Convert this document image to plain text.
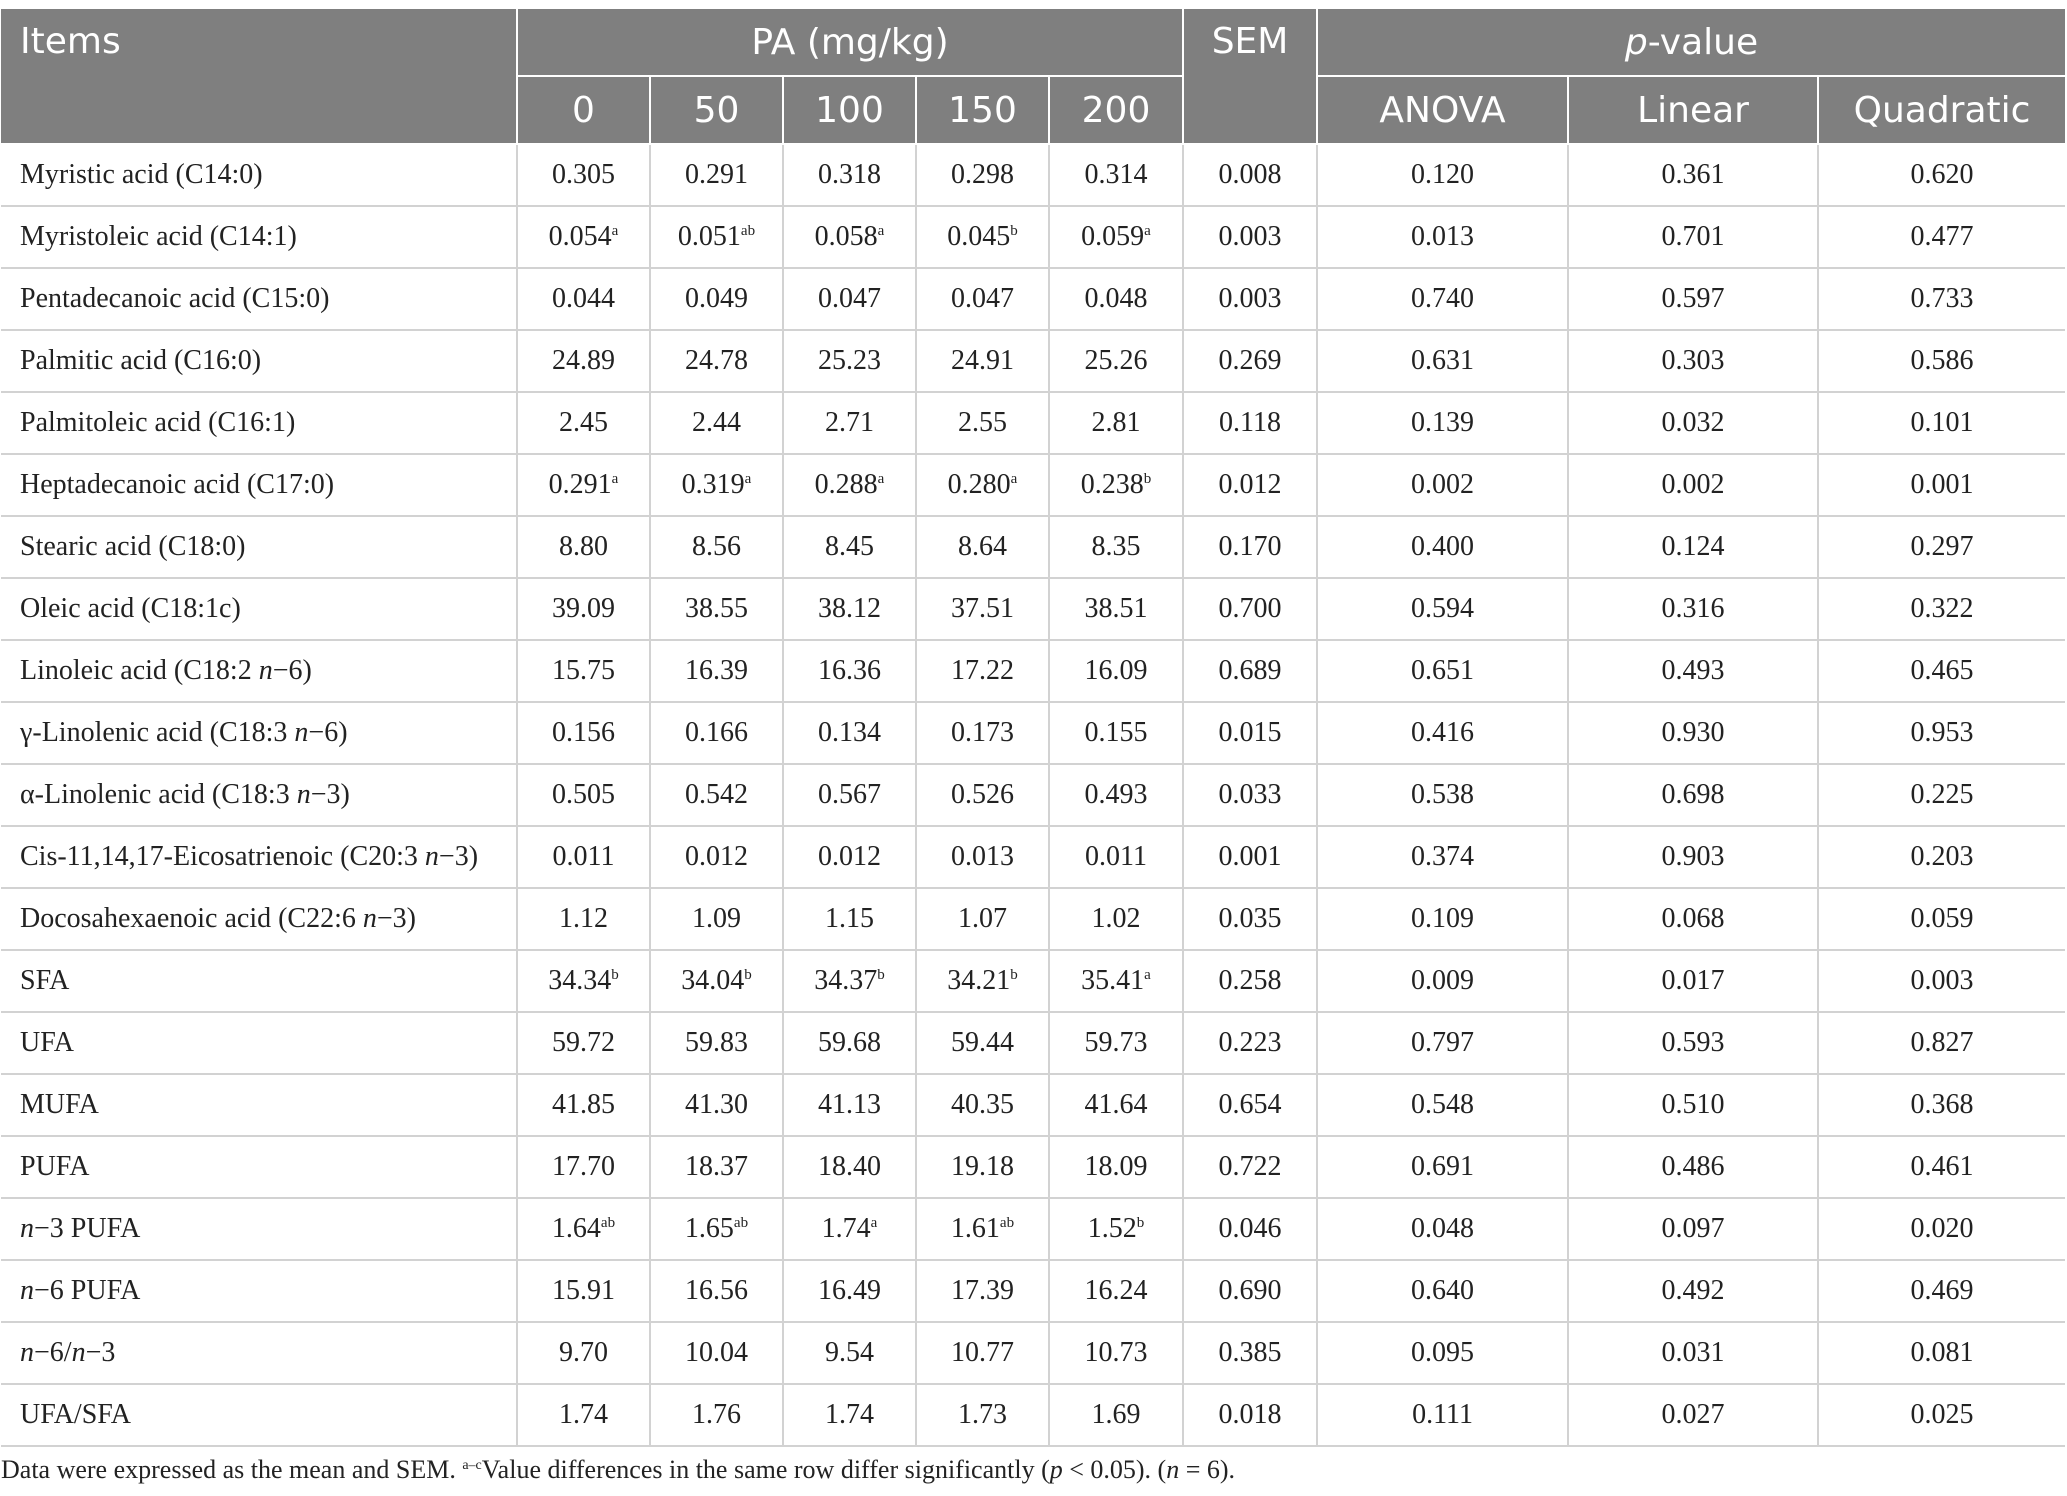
Items	PA (mg/kg)					SEM	p-value		
	0	50	100	150	200		ANOVA	Linear	Quadratic
Myristic acid (C14:0)	0.305	0.291	0.318	0.298	0.314	0.008	0.120	0.361	0.620
Myristoleic acid (C14:1)	0.054$^a$	0.051$^{ab}$	0.058$^a$	0.045$^b$	0.059$^a$	0.003	0.013	0.701	0.477
Pentadecanoic acid (C15:0)	0.044	0.049	0.047	0.047	0.048	0.003	0.740	0.597	0.733
Palmitic acid (C16:0)	24.89	24.78	25.23	24.91	25.26	0.269	0.631	0.303	0.586
Palmitoleic acid (C16:1)	2.45	2.44	2.71	2.55	2.81	0.118	0.139	0.032	0.101
Heptadecanoic acid (C17:0)	0.291$^a$	0.319$^a$	0.288$^a$	0.280$^a$	0.238$^b$	0.012	0.002	0.002	0.001
Stearic acid (C18:0)	8.80	8.56	8.45	8.64	8.35	0.170	0.400	0.124	0.297
Oleic acid (C18:1c)	39.09	38.55	38.12	37.51	38.51	0.700	0.594	0.316	0.322
Linoleic acid (C18:2 n−6)	15.75	16.39	16.36	17.22	16.09	0.689	0.651	0.493	0.465
γ-Linolenic acid (C18:3 n−6)	0.156	0.166	0.134	0.173	0.155	0.015	0.416	0.930	0.953
α-Linolenic acid (C18:3 n−3)	0.505	0.542	0.567	0.526	0.493	0.033	0.538	0.698	0.225
Cis-11,14,17-Eicosatrienoic (C20:3 n−3)	0.011	0.012	0.012	0.013	0.011	0.001	0.374	0.903	0.203
Docosahexaenoic acid (C22:6 n−3)	1.12	1.09	1.15	1.07	1.02	0.035	0.109	0.068	0.059
SFA	34.34$^b$	34.04$^b$	34.37$^b$	34.21$^b$	35.41$^a$	0.258	0.009	0.017	0.003
UFA	59.72	59.83	59.68	59.44	59.73	0.223	0.797	0.593	0.827
MUFA	41.85	41.30	41.13	40.35	41.64	0.654	0.548	0.510	0.368
PUFA	17.70	18.37	18.40	19.18	18.09	0.722	0.691	0.486	0.461
n−3 PUFA	1.64$^{ab}$	1.65$^{ab}$	1.74$^a$	1.61$^{ab}$	1.52$^b$	0.046	0.048	0.097	0.020
n−6 PUFA	15.91	16.56	16.49	17.39	16.24	0.690	0.640	0.492	0.469
n−6/n−3	9.70	10.04	9.54	10.77	10.73	0.385	0.095	0.031	0.081
UFA/SFA	1.74	1.76	1.74	1.73	1.69	0.018	0.111	0.027	0.025
Data were expressed as the mean and SEM. $^{a-c}$Value differences in the same row differ significantly (p < 0.05). (n = 6).
